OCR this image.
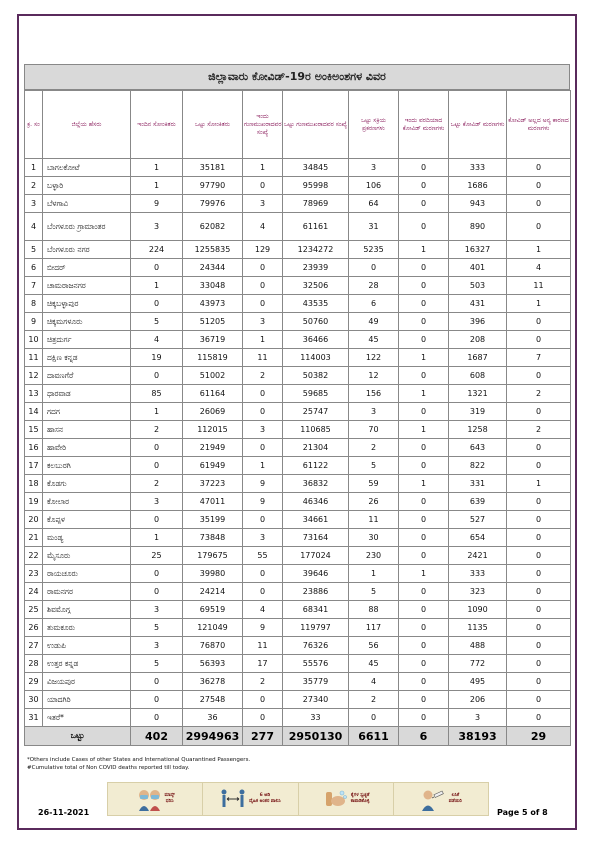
ಜಿಲ್ಲಾವಾರು ಕೋವಿಡ್-19ರ ಅಂಕಿಅಂಶಗಳ ವಿವರ
ಕ್ರ. ಸಂ	ಜಿಲ್ಲೆಯ ಹೆಸರು	ಇಂದಿನ ಸೋಂಕಿತರು	ಒಟ್ಟು ಸೋಂಕಿತರು	ಇಂದು ಗುಣಮುಖರಾದವರ ಸಂಖ್ಯೆ	ಒಟ್ಟು ಗುಣಮುಖರಾದವರ ಸಂಖ್ಯೆ	ಒಟ್ಟು ಸಕ್ರಿಯ ಪ್ರಕರಣಗಳು	ಇಂದು ವರದಿಯಾದ ಕೋವಿಡ್ ಮರಣಗಳು	ಒಟ್ಟು ಕೋವಿಡ್ ಮರಣಗಳು	ಕೋವಿಡ್ ಅಲ್ಲದ ಅನ್ಯ ಕಾರಣದ ಮರಣಗಳು
1	ಬಾಗಲಕೋಟೆ	1	35181	1	34845	3	0	333	0
2	ಬಳ್ಳಾರಿ	1	97790	0	95998	106	0	1686	0
3	ಬೆಳಗಾವಿ	9	79976	3	78969	64	0	943	0
4	ಬೆಂಗಳೂರು ಗ್ರಾಮಾಂತರ	3	62082	4	61161	31	0	890	0
5	ಬೆಂಗಳೂರು ನಗರ	224	1255835	129	1234272	5235	1	16327	1
6	ಬೀದರ್	0	24344	0	23939	0	0	401	4
7	ಚಾಮರಾಜನಗರ	1	33048	0	32506	28	0	503	11
8	ಚಿಕ್ಕಬಳ್ಳಾಪುರ	0	43973	0	43535	6	0	431	1
9	ಚಿಕ್ಕಮಗಳೂರು	5	51205	3	50760	49	0	396	0
10	ಚಿತ್ರದುರ್ಗ	4	36719	1	36466	45	0	208	0
11	ದಕ್ಷಿಣ ಕನ್ನಡ	19	115819	11	114003	122	1	1687	7
12	ದಾವಣಗೆರೆ	0	51002	2	50382	12	0	608	0
13	ಧಾರವಾಡ	85	61164	0	59685	156	1	1321	2
14	ಗದಗ	1	26069	0	25747	3	0	319	0
15	ಹಾಸನ	2	112015	3	110685	70	1	1258	2
16	ಹಾವೇರಿ	0	21949	0	21304	2	0	643	0
17	ಕಲಬುರಗಿ	0	61949	1	61122	5	0	822	0
18	ಕೊಡಗು	2	37223	9	36832	59	1	331	1
19	ಕೋಲಾರ	3	47011	9	46346	26	0	639	0
20	ಕೊಪ್ಪಳ	0	35199	0	34661	11	0	527	0
21	ಮಂಡ್ಯ	1	73848	3	73164	30	0	654	0
22	ಮೈಸೂರು	25	179675	55	177024	230	0	2421	0
23	ರಾಯಚೂರು	0	39980	0	39646	1	1	333	0
24	ರಾಮನಗರ	0	24214	0	23886	5	0	323	0
25	ಶಿವಮೊಗ್ಗ	3	69519	4	68341	88	0	1090	0
26	ತುಮಕೂರು	5	121049	9	119797	117	0	1135	0
27	ಉಡುಪಿ	3	76870	11	76326	56	0	488	0
28	ಉತ್ತರ ಕನ್ನಡ	5	56393	17	55576	45	0	772	0
29	ವಿಜಯಪುರ	0	36278	2	35779	4	0	495	0
30	ಯಾದಗಿರಿ	0	27548	0	27340	2	0	206	0
31	ಇತರೆ*	0	36	0	33	0	0	3	0
ಒಟ್ಟು		402	2994963	277	2950130	6611	6	38193	29
*Others include Cases of other States and International Quarantined Passengers.
#Cumulative total of Non COVID deaths reported till today.
26-11-2021
ಮಾಸ್ಕ್
ಧರಿಸಿ
6 ಅಡಿ
ದೈಹಿಕ ಅಂತರ ಪಾಲಿಸಿ
ಕೈಗಳ ಸ್ವಚ್ಛತೆ
ಕಾಪಾಡಿಕೊಳ್ಳಿ
ಲಸಿಕೆ
ಪಡೆಯಿರಿ
Page 5 of 8
